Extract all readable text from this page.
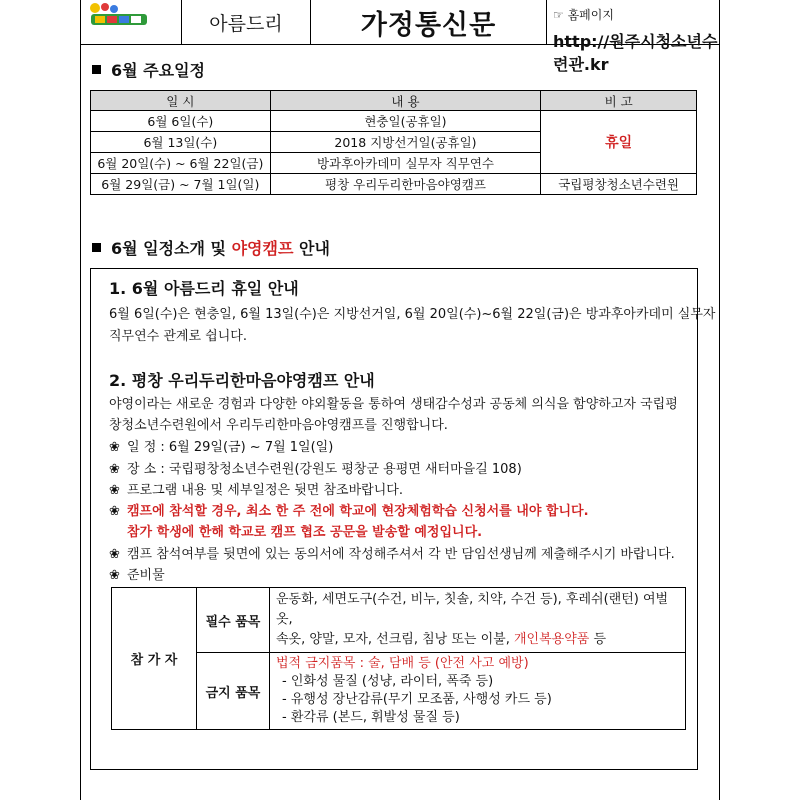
아름드리	가정통신문	☞ 홈페이지
http://원주시청소년수련관.kr
6월 주요일정
일 시	내 용	비 고
6월 6일(수)	현충일(공휴일)	휴일
6월 13일(수)	2018 지방선거일(공휴일)	
6월 20일(수) ~ 6월 22일(금)	방과후아카데미 실무자 직무연수	
6월 29일(금) ~ 7월 1일(일)	평창 우리두리한마음야영캠프	국립평창청소년수련원
6월 일정소개 및 야영캠프 안내
1. 6월 아름드리 휴일 안내
6월 6일(수)은 현충일, 6월 13일(수)은 지방선거일, 6월 20일(수)~6월 22일(금)은 방과후아카데미 실무자
직무연수 관계로 쉽니다.
2. 평창 우리두리한마음야영캠프 안내
야영이라는 새로운 경험과 다양한 야외활동을 통하여 생태감수성과 공동체 의식을 함양하고자 국립평
창청소년수련원에서 우리두리한마음야영캠프를 진행합니다.
❀ 일 정 : 6월 29일(금) ~ 7월 1일(일)
❀ 장 소 : 국립평창청소년수련원(강원도 평창군 용평면 새터마을길 108)
❀ 프로그램 내용 및 세부일정은 뒷면 참조바랍니다.
❀ 캠프에 참석할 경우, 최소 한 주 전에 학교에 현장체험학습 신청서를 내야 합니다.
참가 학생에 한해 학교로 캠프 협조 공문을 발송할 예정입니다.
❀ 캠프 참석여부를 뒷면에 있는 동의서에 작성해주셔서 각 반 담임선생님께 제출해주시기 바랍니다.
❀ 준비물
참 가 자	필수 품목	운동화, 세면도구(수건, 비누, 칫솔, 치약, 수건 등), 후레쉬(랜턴) 여벌옷,
속옷, 양말, 모자, 선크림, 침낭 또는 이불, 개인복용약품 등

	금지 품목	법적 금지품목 : 술, 담배 등 (안전 사고 예방)
- 인화성 물질 (성냥, 라이터, 폭죽 등)
- 유행성 장난감류(무기 모조품, 사행성 카드 등)
- 환각류 (본드, 휘발성 물질 등)
